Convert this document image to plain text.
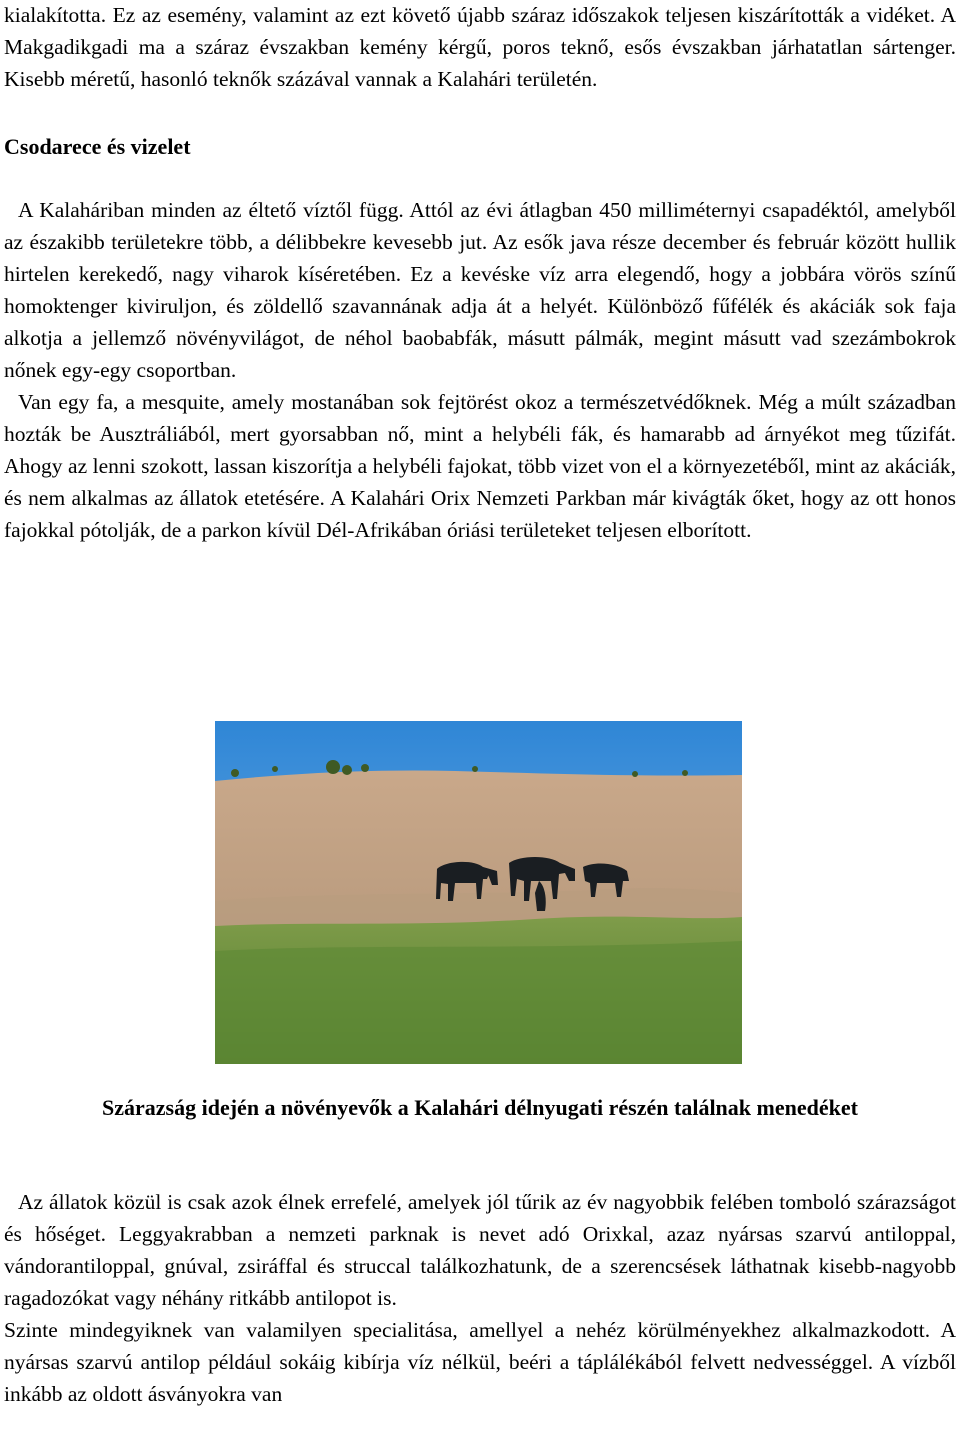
kialakította. Ez az esemény, valamint az ezt követő újabb száraz időszakok teljesen kiszárították a vidéket. A Makgadikgadi ma a száraz évszakban kemény kérgű, poros teknő, esős évszakban járhatatlan sártenger. Kisebb méretű, hasonló teknők százával vannak a Kalahári területén.

Csodarece és vizelet

A Kalaháriban minden az éltető víztől függ. Attól az évi átlagban 450 milliméternyi csapadéktól, amelyből az északibb területekre több, a délibbekre kevesebb jut. Az esők java része december és február között hullik hirtelen kerekedő, nagy viharok kíséretében. Ez a kevéske víz arra elegendő, hogy a jobbára vörös színű homoktenger kiviruljon, és zöldellő szavannának adja át a helyét. Különböző fűfélék és akáciák sok faja alkotja a jellemző növényvilágot, de néhol baobabfák, másutt pálmák, megint másutt vad szezámbokrok nőnek egy-egy csoportban.

Van egy fa, a mesquite, amely mostanában sok fejtörést okoz a természetvédőknek. Még a múlt században hozták be Ausztráliából, mert gyorsabban nő, mint a helybéli fák, és hamarabb ad árnyékot meg tűzifát. Ahogy az lenni szokott, lassan kiszorítja a helybéli fajokat, több vizet von el a környezetéből, mint az akáciák, és nem alkalmas az állatok etetésére. A Kalahári Orix Nemzeti Parkban már kivágták őket, hogy az ott honos fajokkal pótolják, de a parkon kívül Dél-Afrikában óriási területeket teljesen elborított.

Szárazság idején a növényevők a Kalahári délnyugati részén találnak menedéket

Az állatok közül is csak azok élnek errefelé, amelyek jól tűrik az év nagyobbik felében tomboló szárazságot és hőséget. Leggyakrabban a nemzeti parknak is nevet adó Orixkal, azaz nyársas szarvú antiloppal, vándorantiloppal, gnúval, zsiráffal és struccal találkozhatunk, de a szerencsések láthatnak kisebb-nagyobb ragadozókat vagy néhány ritkább antilopot is.

Szinte mindegyiknek van valamilyen specialitása, amellyel a nehéz körülményekhez alkalmazkodott. A nyársas szarvú antilop például sokáig kibírja víz nélkül, beéri a táplálékából felvett nedvességgel. A vízből inkább az oldott ásványokra van
